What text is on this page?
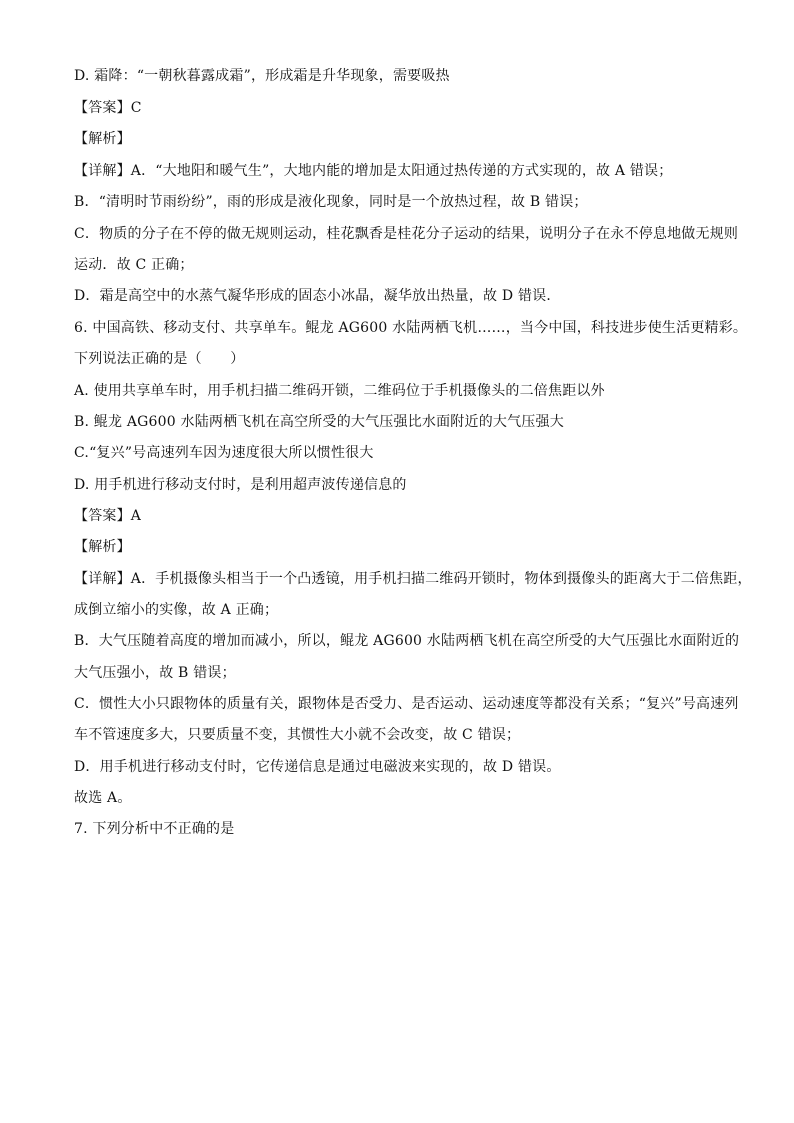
D. 霜降：“一朝秋暮露成霜”，形成霜是升华现象，需要吸热
【答案】C
【解析】
【详解】A．“大地阳和暖气生”，大地内能的增加是太阳通过热传递的方式实现的，故 A 错误；
B．“清明时节雨纷纷”，雨的形成是液化现象，同时是一个放热过程，故 B 错误；
C．物质的分子在不停的做无规则运动，桂花飘香是桂花分子运动的结果，说明分子在永不停息地做无规则
运动．故 C 正确；
D．霜是高空中的水蒸气凝华形成的固态小冰晶，凝华放出热量，故 D 错误．
6. 中国高铁、移动支付、共享单车。鲲龙 AG600 水陆两栖飞机……，当今中国，科技进步使生活更精彩。
下列说法正确的是（　　）
A. 使用共享单车时，用手机扫描二维码开锁，二维码位于手机摄像头的二倍焦距以外
B. 鲲龙 AG600 水陆两栖飞机在高空所受的大气压强比水面附近的大气压强大
C.“复兴”号高速列车因为速度很大所以惯性很大
D. 用手机进行移动支付时，是利用超声波传递信息的
【答案】A
【解析】
【详解】A．手机摄像头相当于一个凸透镜，用手机扫描二维码开锁时，物体到摄像头的距离大于二倍焦距，
成倒立缩小的实像，故 A 正确；
B．大气压随着高度的增加而减小，所以，鲲龙 AG600 水陆两栖飞机在高空所受的大气压强比水面附近的
大气压强小，故 B 错误；
C．惯性大小只跟物体的质量有关，跟物体是否受力、是否运动、运动速度等都没有关系；“复兴”号高速列
车不管速度多大，只要质量不变，其惯性大小就不会改变，故 C 错误；
D．用手机进行移动支付时，它传递信息是通过电磁波来实现的，故 D 错误。
故选 A。
7. 下列分析中不正确的是
